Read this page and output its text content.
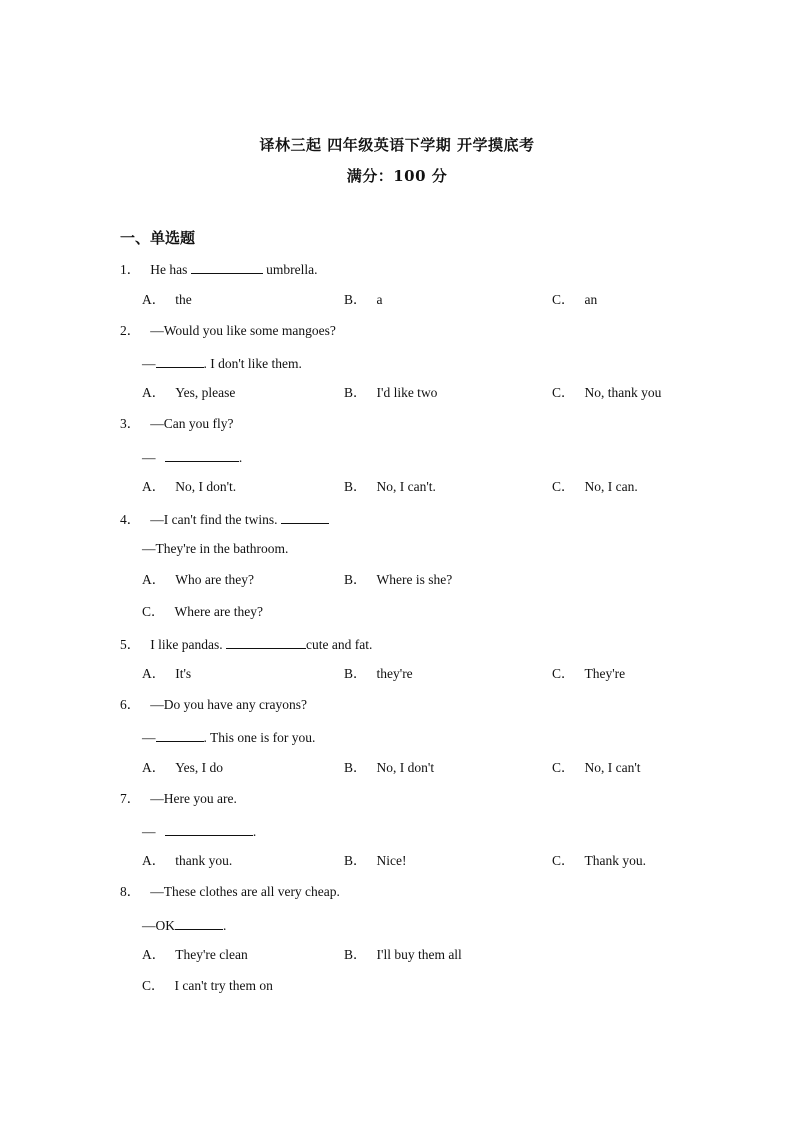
译林三起 四年级英语下学期 开学摸底考
满分：100 分
一、单选题
1． He has	umbrella.
A． the	B． a	C． an
2． —Would you like some mangoes?
—	. I don't like them.
A． Yes, please	B． I'd like two	C． No, thank you
3． —Can you fly?
—	.
A． No, I don't.	B． No, I can't.	C． No, I can.
4． —I can't find the twins.
—They're in the bathroom.
A． Who are they?	B． Where is she?
C． Where are they?
5． I like pandas.	cute and fat.
A． It's	B． they're	C． They're
6． —Do you have any crayons?
—	. This one is for you.
A． Yes, I do	B． No, I don't	C． No, I can't
7． —Here you are.
—	.
A． thank you.	B． Nice!	C． Thank you.
8． —These clothes are all very cheap.
—OK	.
A． They're clean	B． I'll buy them all
C． I can't try them on
